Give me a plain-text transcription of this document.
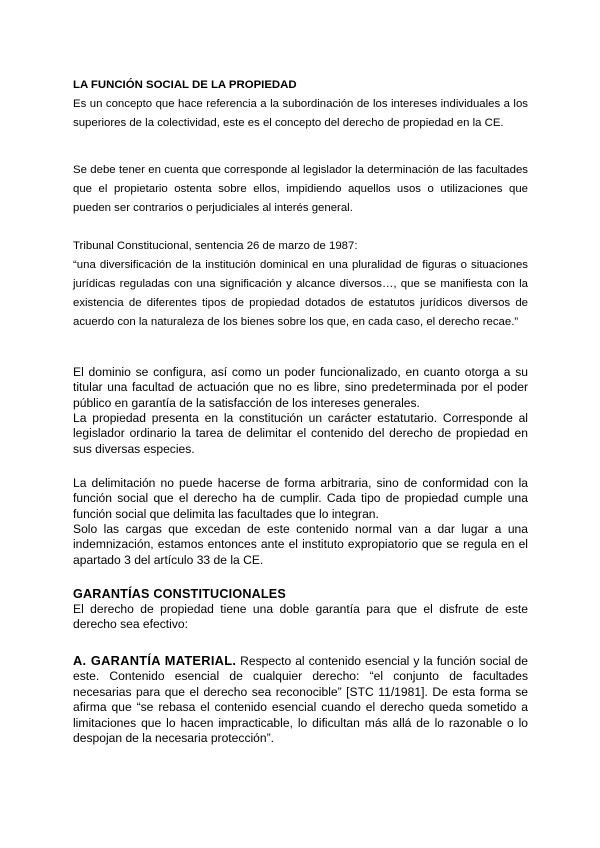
LA FUNCIÓN SOCIAL DE LA PROPIEDAD

Es un concepto que hace referencia a la subordinación de los intereses individuales a los superiores de la colectividad, este es el concepto del derecho de propiedad en la CE.

Se debe tener en cuenta que corresponde al legislador la determinación de las facultades que el propietario ostenta sobre ellos, impidiendo aquellos usos o utilizaciones que pueden ser contrarios o perjudiciales al interés general.

Tribunal Constitucional, sentencia 26 de marzo de 1987:

“una diversificación de la institución dominical en una pluralidad de figuras o situaciones jurídicas reguladas con una significación y alcance diversos…, que se manifiesta con la existencia de diferentes tipos de propiedad dotados de estatutos jurídicos diversos de acuerdo con la naturaleza de los bienes sobre los que, en cada caso, el derecho recae.”

El dominio se configura, así como un poder funcionalizado, en cuanto otorga a su titular una facultad de actuación que no es libre, sino predeterminada por el poder público en garantía de la satisfacción de los intereses generales.
La propiedad presenta en la constitución un carácter estatutario. Corresponde al legislador ordinario la tarea de delimitar el contenido del derecho de propiedad en sus diversas especies.
La delimitación no puede hacerse de forma arbitraria, sino de conformidad con la función social que el derecho ha de cumplir. Cada tipo de propiedad cumple una función social que delimita las facultades que lo integran.
Solo las cargas que excedan de este contenido normal van a dar lugar a una indemnización, estamos entonces ante el instituto expropiatorio que se regula en el apartado 3 del artículo 33 de la CE.
GARANTÍAS CONSTITUCIONALES
El derecho de propiedad tiene una doble garantía para que el disfrute de este derecho sea efectivo:
A. GARANTÍA MATERIAL. Respecto al contenido esencial y la función social de este. Contenido esencial de cualquier derecho: “el conjunto de facultades necesarias para que el derecho sea reconocible” [STC 11/1981]. De esta forma se afirma que “se rebasa el contenido esencial cuando el derecho queda sometido a limitaciones que lo hacen impracticable, lo dificultan más allá de lo razonable o lo despojan de la necesaria protección”.
